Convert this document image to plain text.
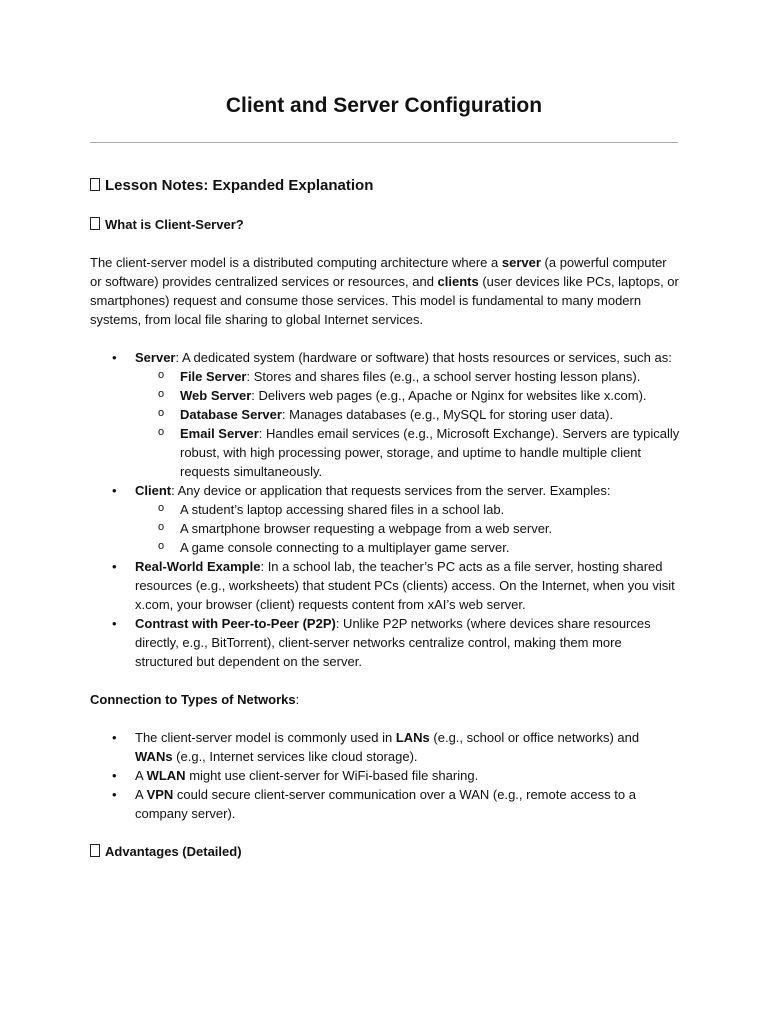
Client and Server Configuration
Lesson Notes: Expanded Explanation
What is Client-Server?

The client-server model is a distributed computing architecture where a server (a powerful computer or software) provides centralized services or resources, and clients (user devices like PCs, laptops, or smartphones) request and consume those services. This model is fundamental to many modern systems, from local file sharing to global Internet services.

• Server: A dedicated system (hardware or software) that hosts resources or services, such as:
o File Server: Stores and shares files (e.g., a school server hosting lesson plans).
o Web Server: Delivers web pages (e.g., Apache or Nginx for websites like x.com).
o Database Server: Manages databases (e.g., MySQL for storing user data).
o Email Server: Handles email services (e.g., Microsoft Exchange). Servers are typically robust, with high processing power, storage, and uptime to handle multiple client requests simultaneously.
• Client: Any device or application that requests services from the server. Examples:
o A student’s laptop accessing shared files in a school lab.
o A smartphone browser requesting a webpage from a web server.
o A game console connecting to a multiplayer game server.
• Real-World Example: In a school lab, the teacher’s PC acts as a file server, hosting shared resources (e.g., worksheets) that student PCs (clients) access. On the Internet, when you visit x.com, your browser (client) requests content from xAI’s web server.
• Contrast with Peer-to-Peer (P2P): Unlike P2P networks (where devices share resources directly, e.g., BitTorrent), client-server networks centralize control, making them more structured but dependent on the server.
Connection to Types of Networks:
• The client-server model is commonly used in LANs (e.g., school or office networks) and WANs (e.g., Internet services like cloud storage).
• A WLAN might use client-server for WiFi-based file sharing.
• A VPN could secure client-server communication over a WAN (e.g., remote access to a company server).
Advantages (Detailed)
